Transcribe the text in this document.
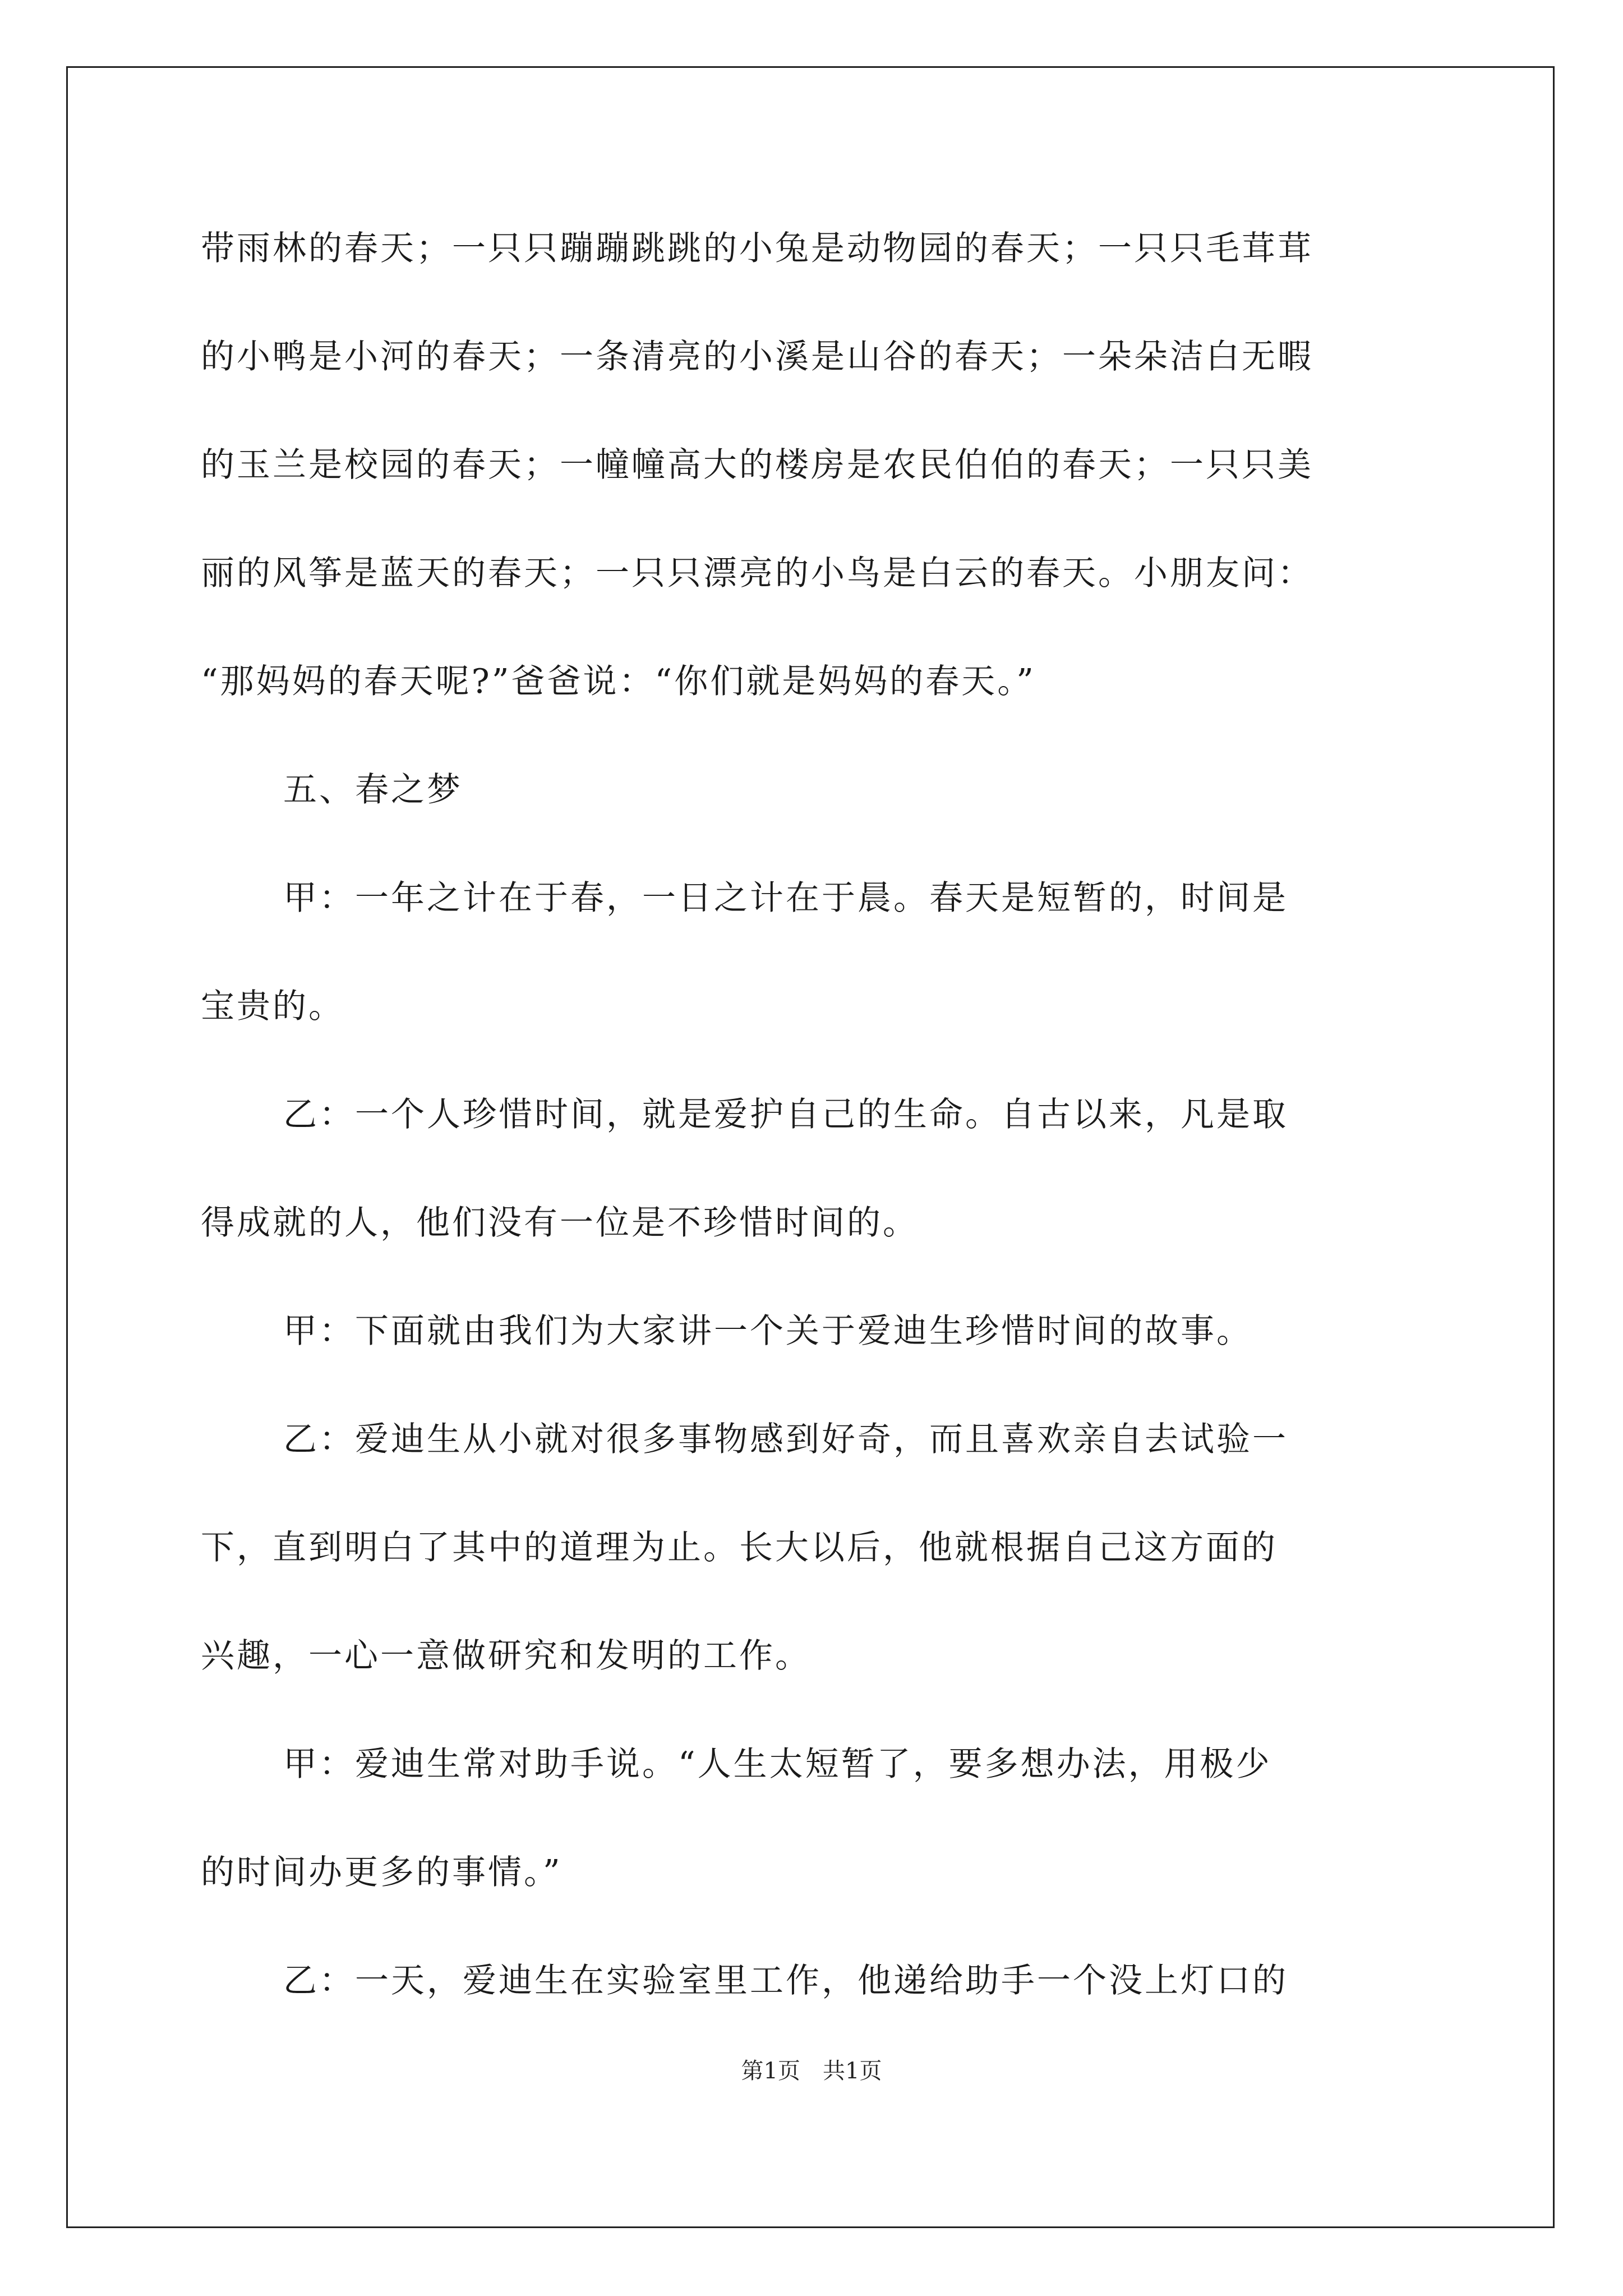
带雨林的春天；一只只蹦蹦跳跳的小兔是动物园的春天；一只只毛茸茸
的小鸭是小河的春天；一条清亮的小溪是山谷的春天；一朵朵洁白无暇
的玉兰是校园的春天；一幢幢高大的楼房是农民伯伯的春天；一只只美
丽的风筝是蓝天的春天；一只只漂亮的小鸟是白云的春天。小朋友问：
“那妈妈的春天呢?”爸爸说：“你们就是妈妈的春天。”
五、春之梦
甲：一年之计在于春，一日之计在于晨。春天是短暂的，时间是
宝贵的。
乙：一个人珍惜时间，就是爱护自己的生命。自古以来，凡是取
得成就的人，他们没有一位是不珍惜时间的。
甲：下面就由我们为大家讲一个关于爱迪生珍惜时间的故事。
乙：爱迪生从小就对很多事物感到好奇，而且喜欢亲自去试验一
下，直到明白了其中的道理为止。长大以后，他就根据自己这方面的
兴趣，一心一意做研究和发明的工作。
甲：爱迪生常对助手说。“人生太短暂了，要多想办法，用极少
的时间办更多的事情。”
乙：一天，爱迪生在实验室里工作，他递给助手一个没上灯口的
第1页　共1页
